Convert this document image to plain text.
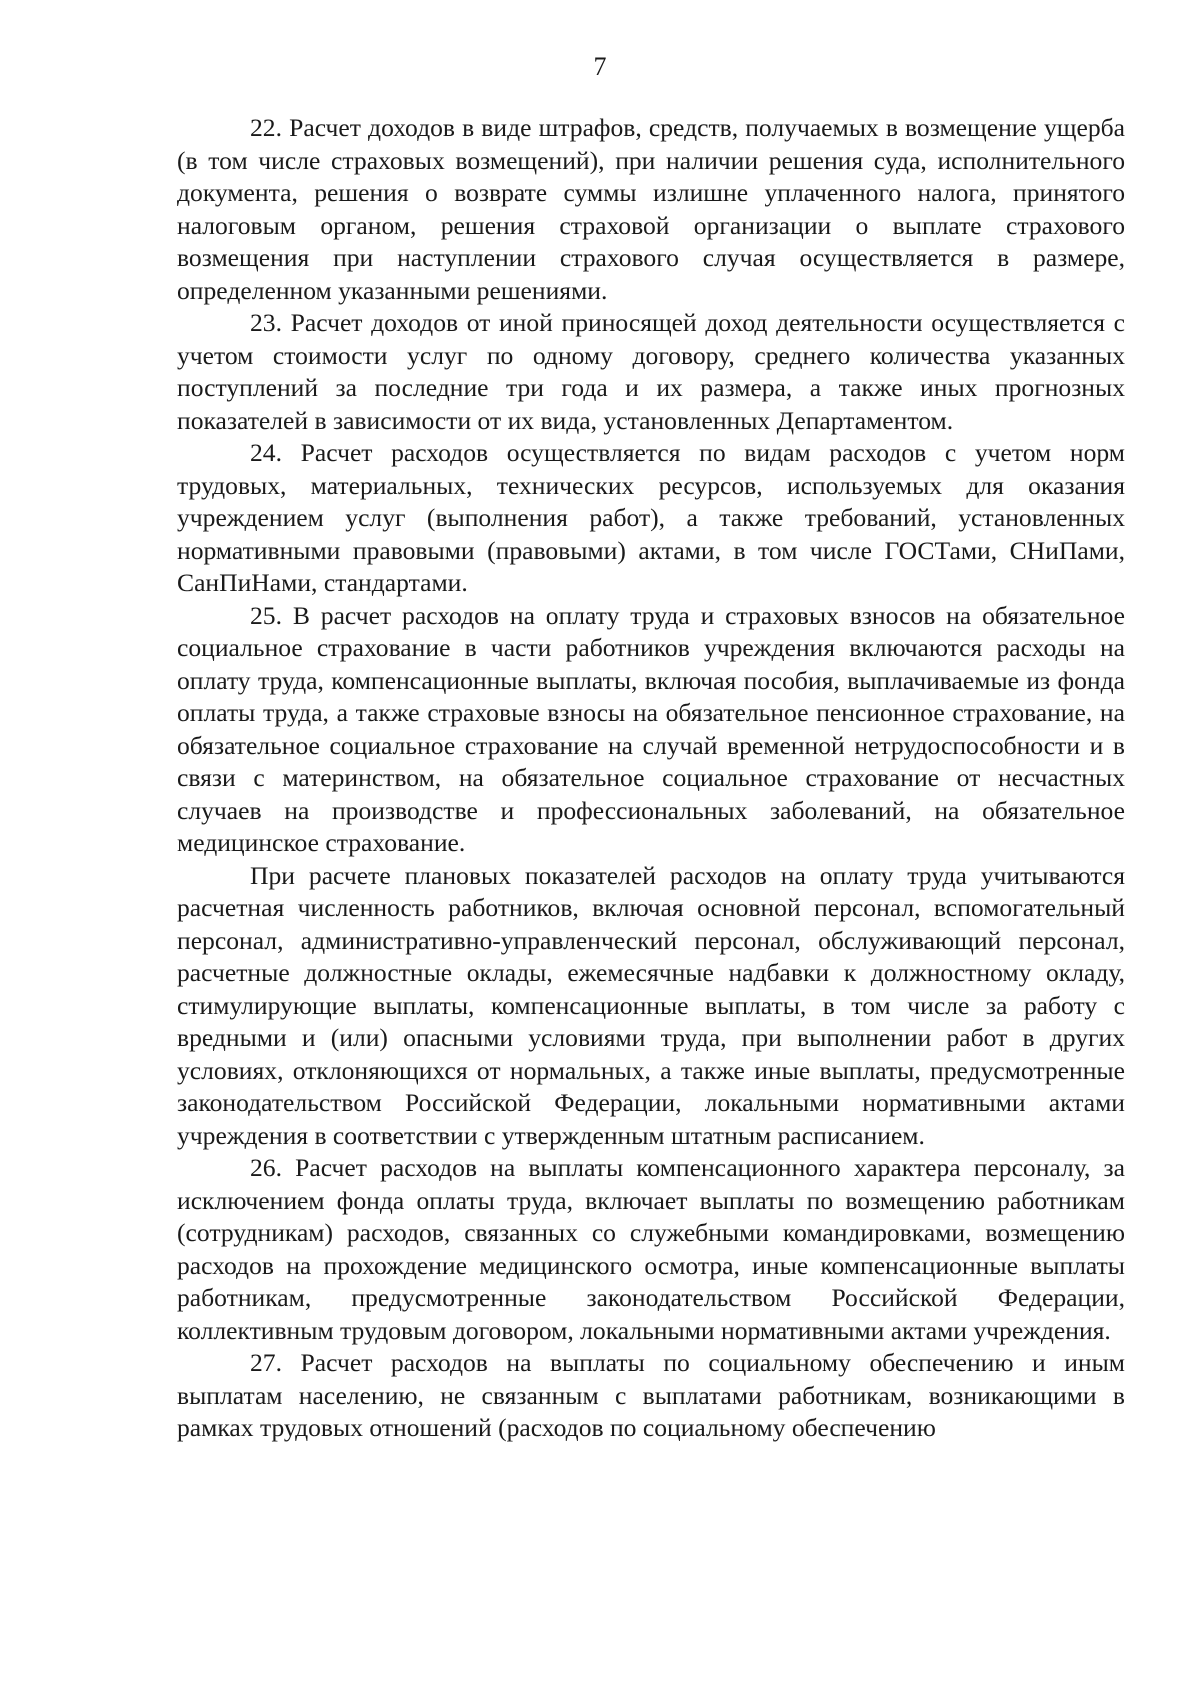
7

22. Расчет доходов в виде штрафов, средств, получаемых в возмещение ущерба (в том числе страховых возмещений), при наличии решения суда, исполнительного документа, решения о возврате суммы излишне уплаченного налога, принятого налоговым органом, решения страховой организации о выплате страхового возмещения при наступлении страхового случая осуществляется в размере, определенном указанными решениями.

23. Расчет доходов от иной приносящей доход деятельности осуществляется с учетом стоимости услуг по одному договору, среднего количества указанных поступлений за последние три года и их размера, а также иных прогнозных показателей в зависимости от их вида, установленных Департаментом.

24. Расчет расходов осуществляется по видам расходов с учетом норм трудовых, материальных, технических ресурсов, используемых для оказания учреждением услуг (выполнения работ), а также требований, установленных нормативными правовыми (правовыми) актами, в том числе ГОСТами, СНиПами, СанПиНами, стандартами.

25. В расчет расходов на оплату труда и страховых взносов на обязательное социальное страхование в части работников учреждения включаются расходы на оплату труда, компенсационные выплаты, включая пособия, выплачиваемые из фонда оплаты труда, а также страховые взносы на обязательное пенсионное страхование, на обязательное социальное страхование на случай временной нетрудоспособности и в связи с материнством, на обязательное социальное страхование от несчастных случаев на производстве и профессиональных заболеваний, на обязательное медицинское страхование.

При расчете плановых показателей расходов на оплату труда учитываются расчетная численность работников, включая основной персонал, вспомогательный персонал, административно-управленческий персонал, обслуживающий персонал, расчетные должностные оклады, ежемесячные надбавки к должностному окладу, стимулирующие выплаты, компенсационные выплаты, в том числе за работу с вредными и (или) опасными условиями труда, при выполнении работ в других условиях, отклоняющихся от нормальных, а также иные выплаты, предусмотренные законодательством Российской Федерации, локальными нормативными актами учреждения в соответствии с утвержденным штатным расписанием.

26. Расчет расходов на выплаты компенсационного характера персоналу, за исключением фонда оплаты труда, включает выплаты по возмещению работникам (сотрудникам) расходов, связанных со служебными командировками, возмещению расходов на прохождение медицинского осмотра, иные компенсационные выплаты работникам, предусмотренные законодательством Российской Федерации, коллективным трудовым договором, локальными нормативными актами учреждения.

27. Расчет расходов на выплаты по социальному обеспечению и иным выплатам населению, не связанным с выплатами работникам, возникающими в рамках трудовых отношений (расходов по социальному обеспечению
